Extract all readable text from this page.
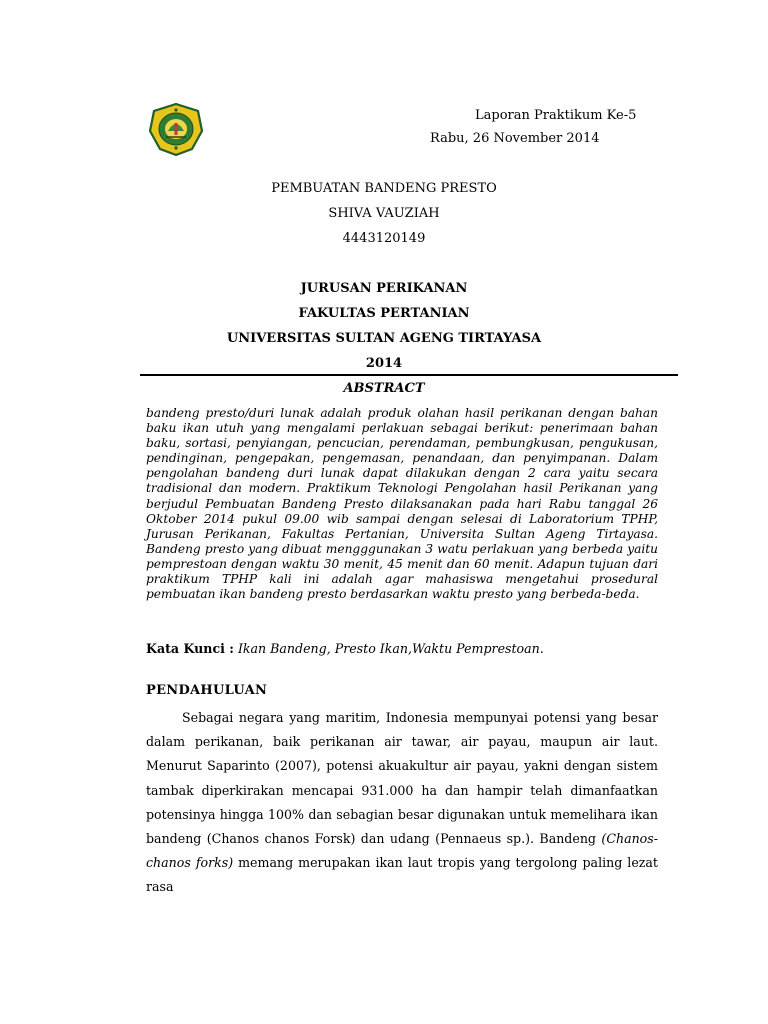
Laporan Praktikum Ke-5
Rabu, 26 November 2014
PEMBUATAN BANDENG PRESTO
SHIVA VAUZIAH
4443120149
JURUSAN PERIKANAN
FAKULTAS PERTANIAN
UNIVERSITAS SULTAN AGENG TIRTAYASA
2014
ABSTRACT
bandeng presto/duri lunak adalah produk olahan hasil perikanan dengan bahan baku ikan utuh yang mengalami perlakuan sebagai berikut: penerimaan bahan baku, sortasi, penyiangan, pencucian, perendaman, pembungkusan, pengukusan, pendinginan, pengepakan, pengemasan, penandaan, dan penyimpanan. Dalam pengolahan bandeng duri lunak dapat dilakukan dengan 2 cara yaitu secara tradisional dan modern. Praktikum Teknologi Pengolahan hasil Perikanan yang berjudul Pembuatan Bandeng Presto dilaksanakan pada hari Rabu tanggal 26 Oktober 2014 pukul 09.00 wib sampai dengan selesai di Laboratorium TPHP, Jurusan Perikanan, Fakultas Pertanian, Universita Sultan Ageng Tirtayasa. Bandeng presto yang dibuat mengggunakan 3 watu perlakuan yang berbeda yaitu pemprestoan dengan waktu 30 menit, 45 menit dan 60 menit. Adapun tujuan dari praktikum TPHP kali ini adalah agar mahasiswa mengetahui prosedural pembuatan ikan bandeng presto berdasarkan waktu presto yang berbeda-beda.
Kata Kunci : Ikan Bandeng, Presto Ikan,Waktu Pemprestoan.
PENDAHULUAN
Sebagai negara yang maritim, Indonesia mempunyai potensi yang besar dalam perikanan, baik perikanan air tawar, air payau, maupun air laut. Menurut Saparinto (2007), potensi akuakultur air payau, yakni dengan sistem tambak diperkirakan mencapai 931.000 ha dan hampir telah dimanfaatkan potensinya hingga 100% dan sebagian besar digunakan untuk memelihara ikan bandeng (Chanos chanos Forsk) dan udang (Pennaeus sp.). Bandeng (Chanos-chanos forks) memang merupakan ikan laut tropis yang tergolong paling lezat rasa
